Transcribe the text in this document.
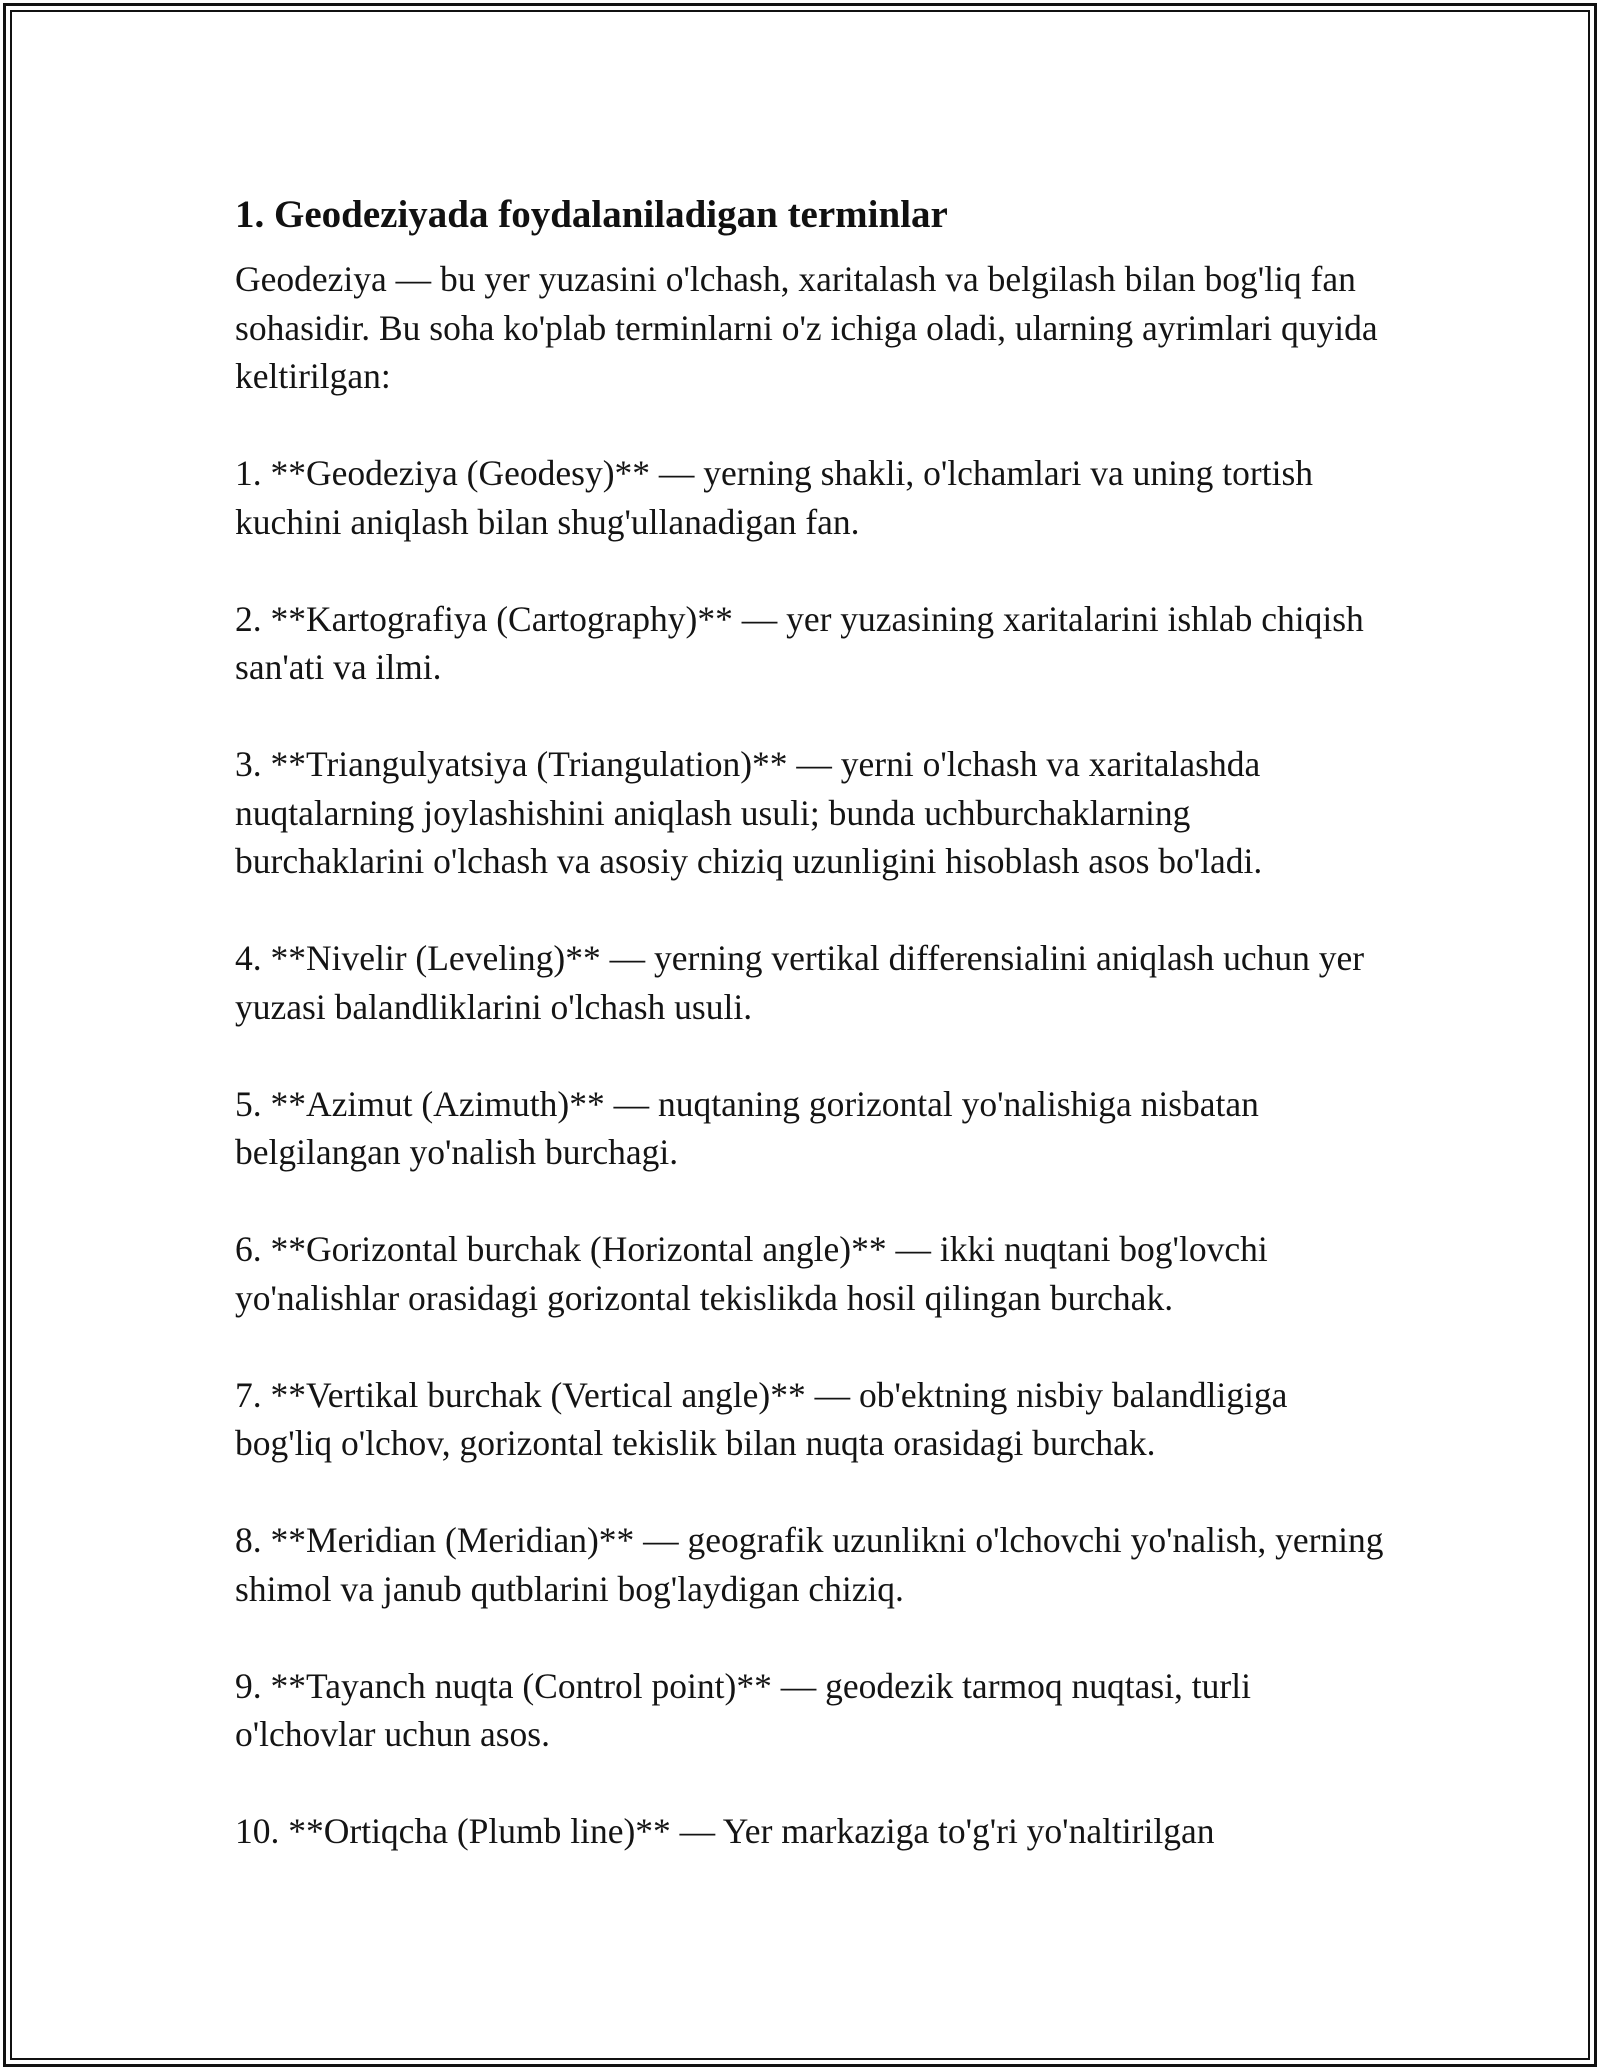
1. Geodeziyada foydalaniladigan terminlar

Geodeziya — bu yer yuzasini o'lchash, xaritalash va belgilash bilan bog'liq fan sohasidir. Bu soha ko'plab terminlarni o'z ichiga oladi, ularning ayrimlari quyida keltirilgan:

1. **Geodeziya (Geodesy)** — yerning shakli, o'lchamlari va uning tortish kuchini aniqlash bilan shug'ullanadigan fan.

2. **Kartografiya (Cartography)** — yer yuzasining xaritalarini ishlab chiqish san'ati va ilmi.

3. **Triangulyatsiya (Triangulation)** — yerni o'lchash va xaritalashda nuqtalarning joylashishini aniqlash usuli; bunda uchburchaklarning burchaklarini o'lchash va asosiy chiziq uzunligini hisoblash asos bo'ladi.

4. **Nivelir (Leveling)** — yerning vertikal differensialini aniqlash uchun yer yuzasi balandliklarini o'lchash usuli.

5. **Azimut (Azimuth)** — nuqtaning gorizontal yo'nalishiga nisbatan belgilangan yo'nalish burchagi.

6. **Gorizontal burchak (Horizontal angle)** — ikki nuqtani bog'lovchi yo'nalishlar orasidagi gorizontal tekislikda hosil qilingan burchak.

7. **Vertikal burchak (Vertical angle)** — ob'ektning nisbiy balandligiga bog'liq o'lchov, gorizontal tekislik bilan nuqta orasidagi burchak.

8. **Meridian (Meridian)** — geografik uzunlikni o'lchovchi yo'nalish, yerning shimol va janub qutblarini bog'laydigan chiziq.

9. **Tayanch nuqta (Control point)** — geodezik tarmoq nuqtasi, turli o'lchovlar uchun asos.

10. **Ortiqcha (Plumb line)** — Yer markaziga to'g'ri yo'naltirilgan
